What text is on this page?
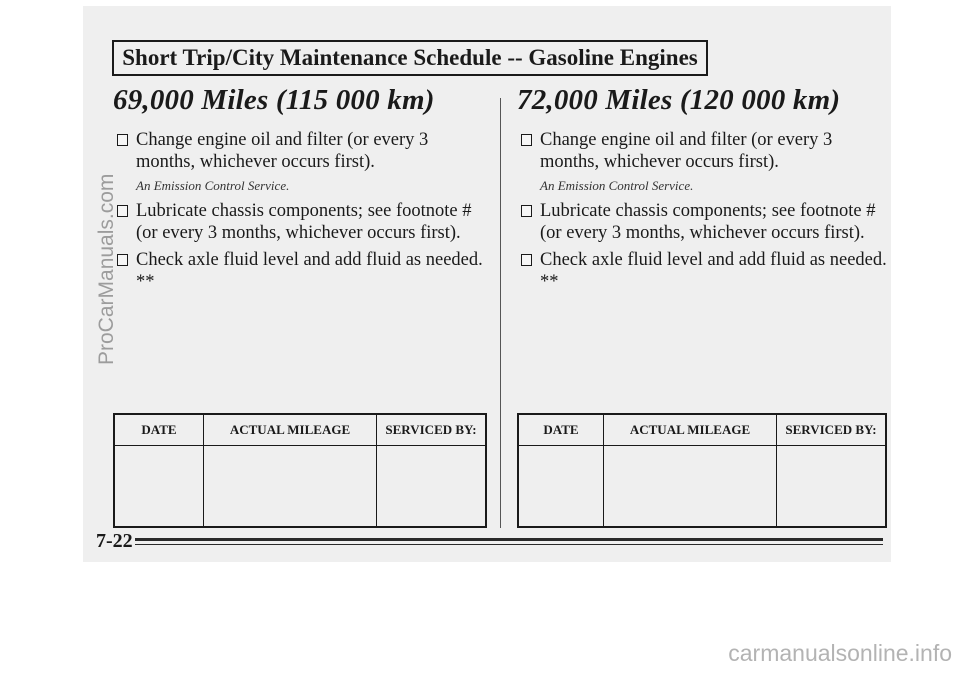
Short Trip/City Maintenance Schedule -- Gasoline Engines
69,000 Miles (115 000 km)
Change engine oil and filter (or every 3 months, whichever occurs first).
An Emission Control Service.
Lubricate chassis components; see footnote # (or every 3 months, whichever occurs first).
Check axle fluid level and add fluid as needed. **
72,000 Miles (120 000 km)
Change engine oil and filter (or every 3 months, whichever occurs first).
An Emission Control Service.
Lubricate chassis components; see footnote # (or every 3 months, whichever occurs first).
Check axle fluid level and add fluid as needed. **
DATE	ACTUAL MILEAGE	SERVICED BY:
			DATE	ACTUAL MILEAGE	SERVICED BY:

7-22
ProCarManuals.com
carmanualsonline.info
